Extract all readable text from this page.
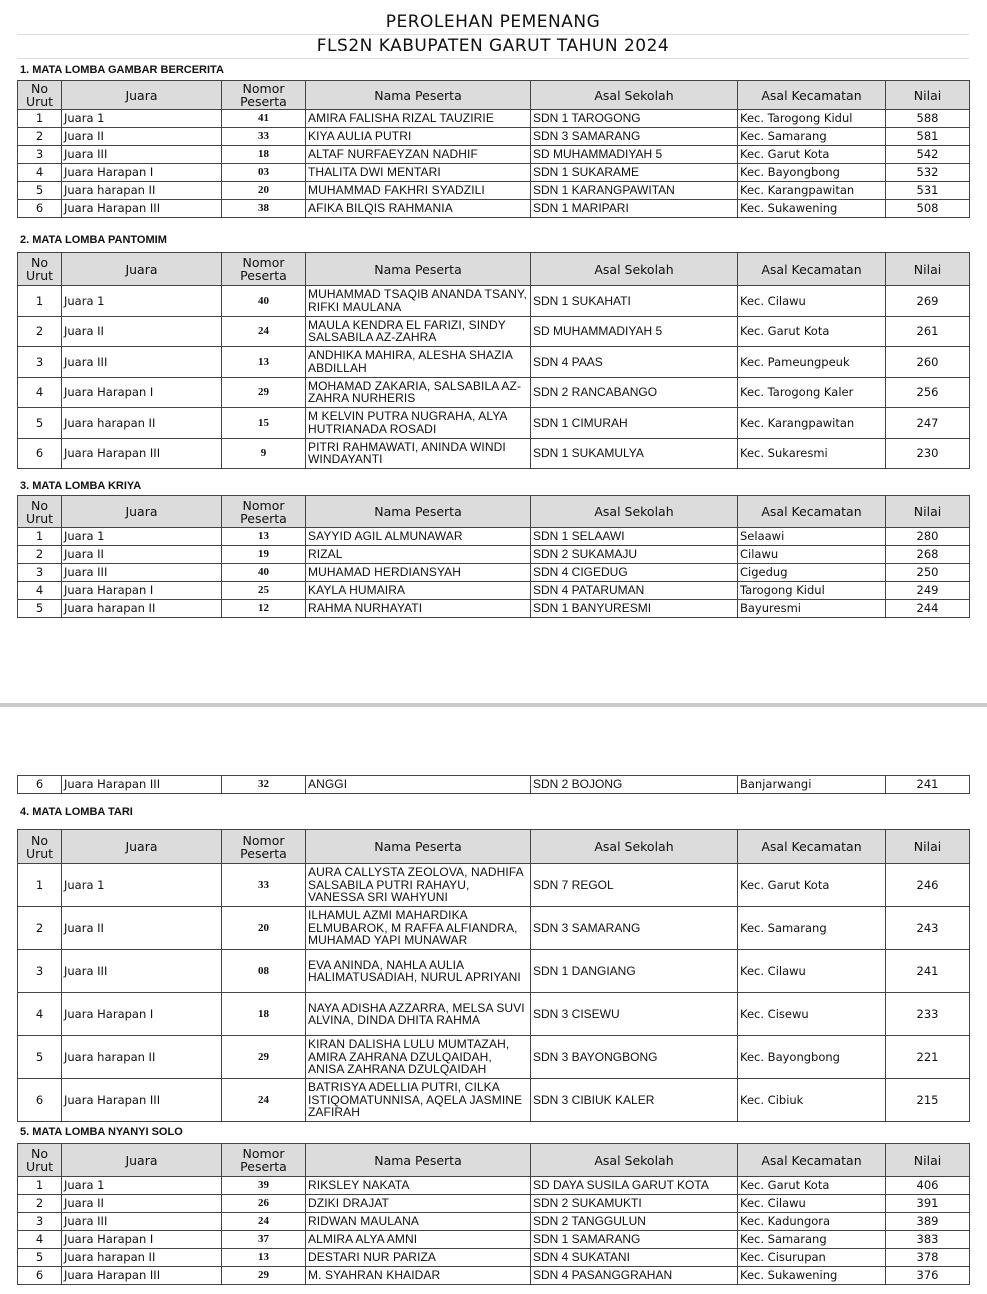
PEROLEHAN PEMENANG
FLS2N KABUPATEN GARUT TAHUN 2024
1. MATA LOMBA GAMBAR BERCERITA
No Urut	Juara	Nomor Peserta	Nama Peserta	Asal Sekolah	Asal Kecamatan	Nilai
1	Juara 1	41	AMIRA FALISHA RIZAL TAUZIRIE	SDN 1 TAROGONG	Kec. Tarogong Kidul	588
2	Juara II	33	KIYA AULIA PUTRI	SDN 3 SAMARANG	Kec. Samarang	581
3	Juara III	18	ALTAF NURFAEYZAN NADHIF	SD MUHAMMADIYAH 5	Kec. Garut Kota	542
4	Juara Harapan I	03	THALITA DWI MENTARI	SDN 1 SUKARAME	Kec. Bayongbong	532
5	Juara harapan II	20	MUHAMMAD FAKHRI SYADZILI	SDN 1 KARANGPAWITAN	Kec. Karangpawitan	531
6	Juara Harapan III	38	AFIKA BILQIS RAHMANIA	SDN 1 MARIPARI	Kec. Sukawening	508
2. MATA LOMBA PANTOMIM
No Urut	Juara	Nomor Peserta	Nama Peserta	Asal Sekolah	Asal Kecamatan	Nilai
1	Juara 1	40	MUHAMMAD TSAQIB ANANDA TSANY, RIFKI MAULANA	SDN 1 SUKAHATI	Kec. Cilawu	269
2	Juara II	24	MAULA KENDRA EL FARIZI, SINDY SALSABILA AZ-ZAHRA	SD MUHAMMADIYAH 5	Kec. Garut Kota	261
3	Juara III	13	ANDHIKA MAHIRA, ALESHA SHAZIA ABDILLAH	SDN 4 PAAS	Kec. Pameungpeuk	260
4	Juara Harapan I	29	MOHAMAD ZAKARIA, SALSABILA AZ-ZAHRA NURHERIS	SDN 2 RANCABANGO	Kec. Tarogong Kaler	256
5	Juara harapan II	15	M KELVIN PUTRA NUGRAHA, ALYA HUTRIANADA ROSADI	SDN 1 CIMURAH	Kec. Karangpawitan	247
6	Juara Harapan III	9	PITRI RAHMAWATI, ANINDA WINDI WINDAYANTI	SDN 1 SUKAMULYA	Kec. Sukaresmi	230
3. MATA LOMBA KRIYA
No Urut	Juara	Nomor Peserta	Nama Peserta	Asal Sekolah	Asal Kecamatan	Nilai
1	Juara 1	13	SAYYID AGIL ALMUNAWAR	SDN 1 SELAAWI	Selaawi	280
2	Juara II	19	RIZAL	SDN 2 SUKAMAJU	Cilawu	268
3	Juara III	40	MUHAMAD HERDIANSYAH	SDN 4 CIGEDUG	Cigedug	250
4	Juara Harapan I	25	KAYLA HUMAIRA	SDN 4 PATARUMAN	Tarogong Kidul	249
5	Juara harapan II	12	RAHMA NURHAYATI	SDN 1 BANYURESMI	Bayuresmi	244
6	Juara Harapan III	32	ANGGI	SDN 2 BOJONG	Banjarwangi	241
4. MATA LOMBA TARI
No Urut	Juara	Nomor Peserta	Nama Peserta	Asal Sekolah	Asal Kecamatan	Nilai
1	Juara 1	33	AURA CALLYSTA ZEOLOVA, NADHIFA SALSABILA PUTRI RAHAYU, VANESSA SRI WAHYUNI	SDN 7 REGOL	Kec. Garut Kota	246
2	Juara II	20	ILHAMUL AZMI MAHARDIKA ELMUBAROK, M RAFFA ALFIANDRA, MUHAMAD YAPI MUNAWAR	SDN 3 SAMARANG	Kec. Samarang	243
3	Juara III	08	EVA ANINDA, NAHLA AULIA HALIMATUSADIAH, NURUL APRIYANI	SDN 1 DANGIANG	Kec. Cilawu	241
4	Juara Harapan I	18	NAYA ADISHA AZZARRA, MELSA SUVI ALVINA, DINDA DHITA RAHMA	SDN 3 CISEWU	Kec. Cisewu	233
5	Juara harapan II	29	KIRAN DALISHA LULU MUMTAZAH, AMIRA ZAHRANA DZULQAIDAH, ANISA ZAHRANA DZULQAIDAH	SDN 3 BAYONGBONG	Kec. Bayongbong	221
6	Juara Harapan III	24	BATRISYA ADELLIA PUTRI, CILKA ISTIQOMATUNNISA, AQELA JASMINE ZAFIRAH	SDN 3 CIBIUK KALER	Kec. Cibiuk	215
5. MATA LOMBA NYANYI SOLO
No Urut	Juara	Nomor Peserta	Nama Peserta	Asal Sekolah	Asal Kecamatan	Nilai
1	Juara 1	39	RIKSLEY NAKATA	SD DAYA SUSILA GARUT KOTA	Kec. Garut Kota	406
2	Juara II	26	DZIKI DRAJAT	SDN 2 SUKAMUKTI	Kec. Cilawu	391
3	Juara III	24	RIDWAN MAULANA	SDN 2 TANGGULUN	Kec. Kadungora	389
4	Juara Harapan I	37	ALMIRA ALYA AMNI	SDN 1 SAMARANG	Kec. Samarang	383
5	Juara harapan II	13	DESTARI NUR PARIZA	SDN 4 SUKATANI	Kec. Cisurupan	378
6	Juara Harapan III	29	M. SYAHRAN KHAIDAR	SDN 4 PASANGGRAHAN	Kec. Sukawening	376
